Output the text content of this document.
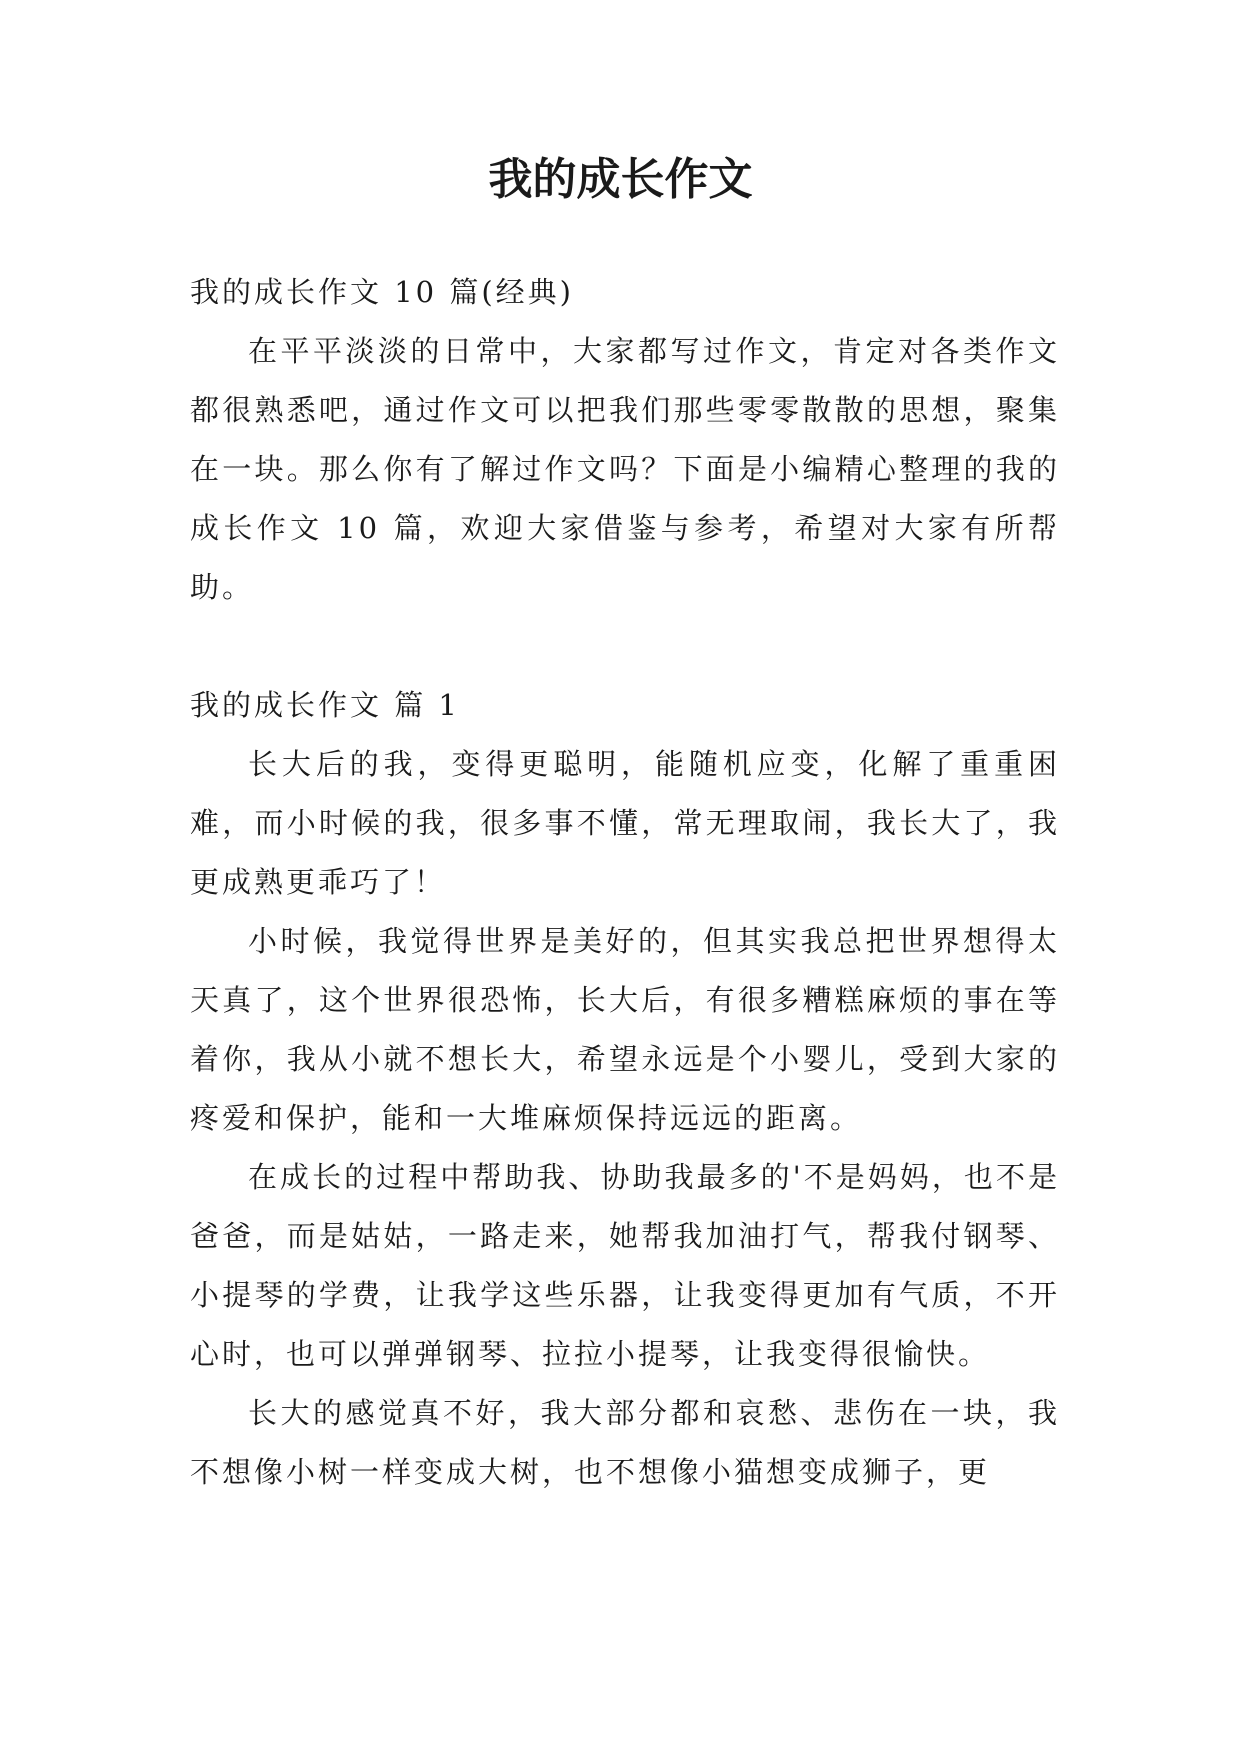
我的成长作文

我的成长作文 10 篇(经典)

在平平淡淡的日常中，大家都写过作文，肯定对各类作文都很熟悉吧，通过作文可以把我们那些零零散散的思想，聚集在一块。那么你有了解过作文吗？下面是小编精心整理的我的成长作文 10 篇，欢迎大家借鉴与参考，希望对大家有所帮助。

我的成长作文 篇 1

长大后的我，变得更聪明，能随机应变，化解了重重困难，而小时候的我，很多事不懂，常无理取闹，我长大了，我更成熟更乖巧了！

小时候，我觉得世界是美好的，但其实我总把世界想得太天真了，这个世界很恐怖，长大后，有很多糟糕麻烦的事在等着你，我从小就不想长大，希望永远是个小婴儿，受到大家的疼爱和保护，能和一大堆麻烦保持远远的距离。

在成长的过程中帮助我、协助我最多的'不是妈妈，也不是爸爸，而是姑姑，一路走来，她帮我加油打气，帮我付钢琴、小提琴的学费，让我学这些乐器，让我变得更加有气质，不开心时，也可以弹弹钢琴、拉拉小提琴，让我变得很愉快。

长大的感觉真不好，我大部分都和哀愁、悲伤在一块，我不想像小树一样变成大树，也不想像小猫想变成狮子，更
